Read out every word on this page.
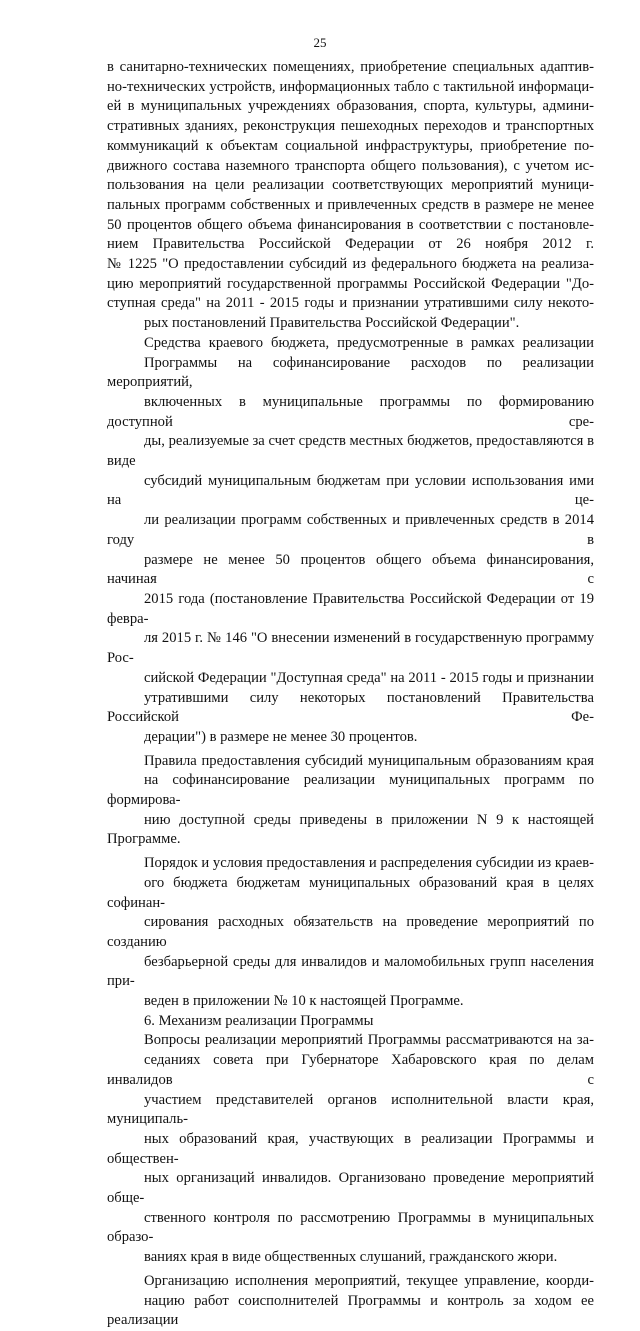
25

в санитарно-технических помещениях, приобретение специальных адаптив-
но-технических устройств, информационных табло с тактильной информаци-
ей в муниципальных учреждениях образования, спорта, культуры, админи-
стративных зданиях, реконструкция пешеходных переходов и транспортных
коммуникаций к объектам социальной инфраструктуры, приобретение по-
движного состава наземного транспорта общего пользования), с учетом ис-
пользования на цели реализации соответствующих мероприятий муници-
пальных программ собственных и привлеченных средств в размере не менее
50 процентов общего объема финансирования в соответствии с постановле-
нием Правительства Российской Федерации от 26 ноября 2012 г.
№ 1225 "О предоставлении субсидий из федерального бюджета на реализа-
цию мероприятий государственной программы Российской Федерации "До-
ступная среда" на 2011 - 2015 годы и признании утратившими силу некото-
рых постановлений Правительства Российской Федерации".

Средства краевого бюджета, предусмотренные в рамках реализации
Программы на софинансирование расходов по реализации мероприятий,
включенных в муниципальные программы по формированию доступной сре-
ды, реализуемые за счет средств местных бюджетов, предоставляются в виде
субсидий муниципальным бюджетам при условии использования ими на це-
ли реализации программ собственных и привлеченных средств в 2014 году в
размере не менее 50 процентов общего объема финансирования, начиная с
2015 года (постановление Правительства Российской Федерации от 19 февра-
ля 2015 г. № 146 "О внесении изменений в государственную программу Рос-
сийской Федерации "Доступная среда" на 2011 - 2015 годы и признании
утратившими силу некоторых постановлений Правительства Российской Фе-
дерации") в размере не менее 30 процентов.

Правила предоставления субсидий муниципальным образованиям края
на софинансирование реализации муниципальных программ по формирова-
нию доступной среды приведены в приложении N 9 к настоящей Программе.

Порядок и условия предоставления и распределения субсидии из краев-
ого бюджета бюджетам муниципальных образований края в целях софинан-
сирования расходных обязательств на проведение мероприятий по созданию
безбарьерной среды для инвалидов и маломобильных групп населения при-
веден в приложении № 10 к настоящей Программе.

6. Механизм реализации Программы

Вопросы реализации мероприятий Программы рассматриваются на за-
седаниях совета при Губернаторе Хабаровского края по делам инвалидов с
участием представителей органов исполнительной власти края, муниципаль-
ных образований края, участвующих в реализации Программы и обществен-
ных организаций инвалидов. Организовано проведение мероприятий обще-
ственного контроля по рассмотрению Программы в муниципальных образо-
ваниях края в виде общественных слушаний, гражданского жюри.

Организацию исполнения мероприятий, текущее управление, коорди-
нацию работ соисполнителей Программы и контроль за ходом ее реализации
